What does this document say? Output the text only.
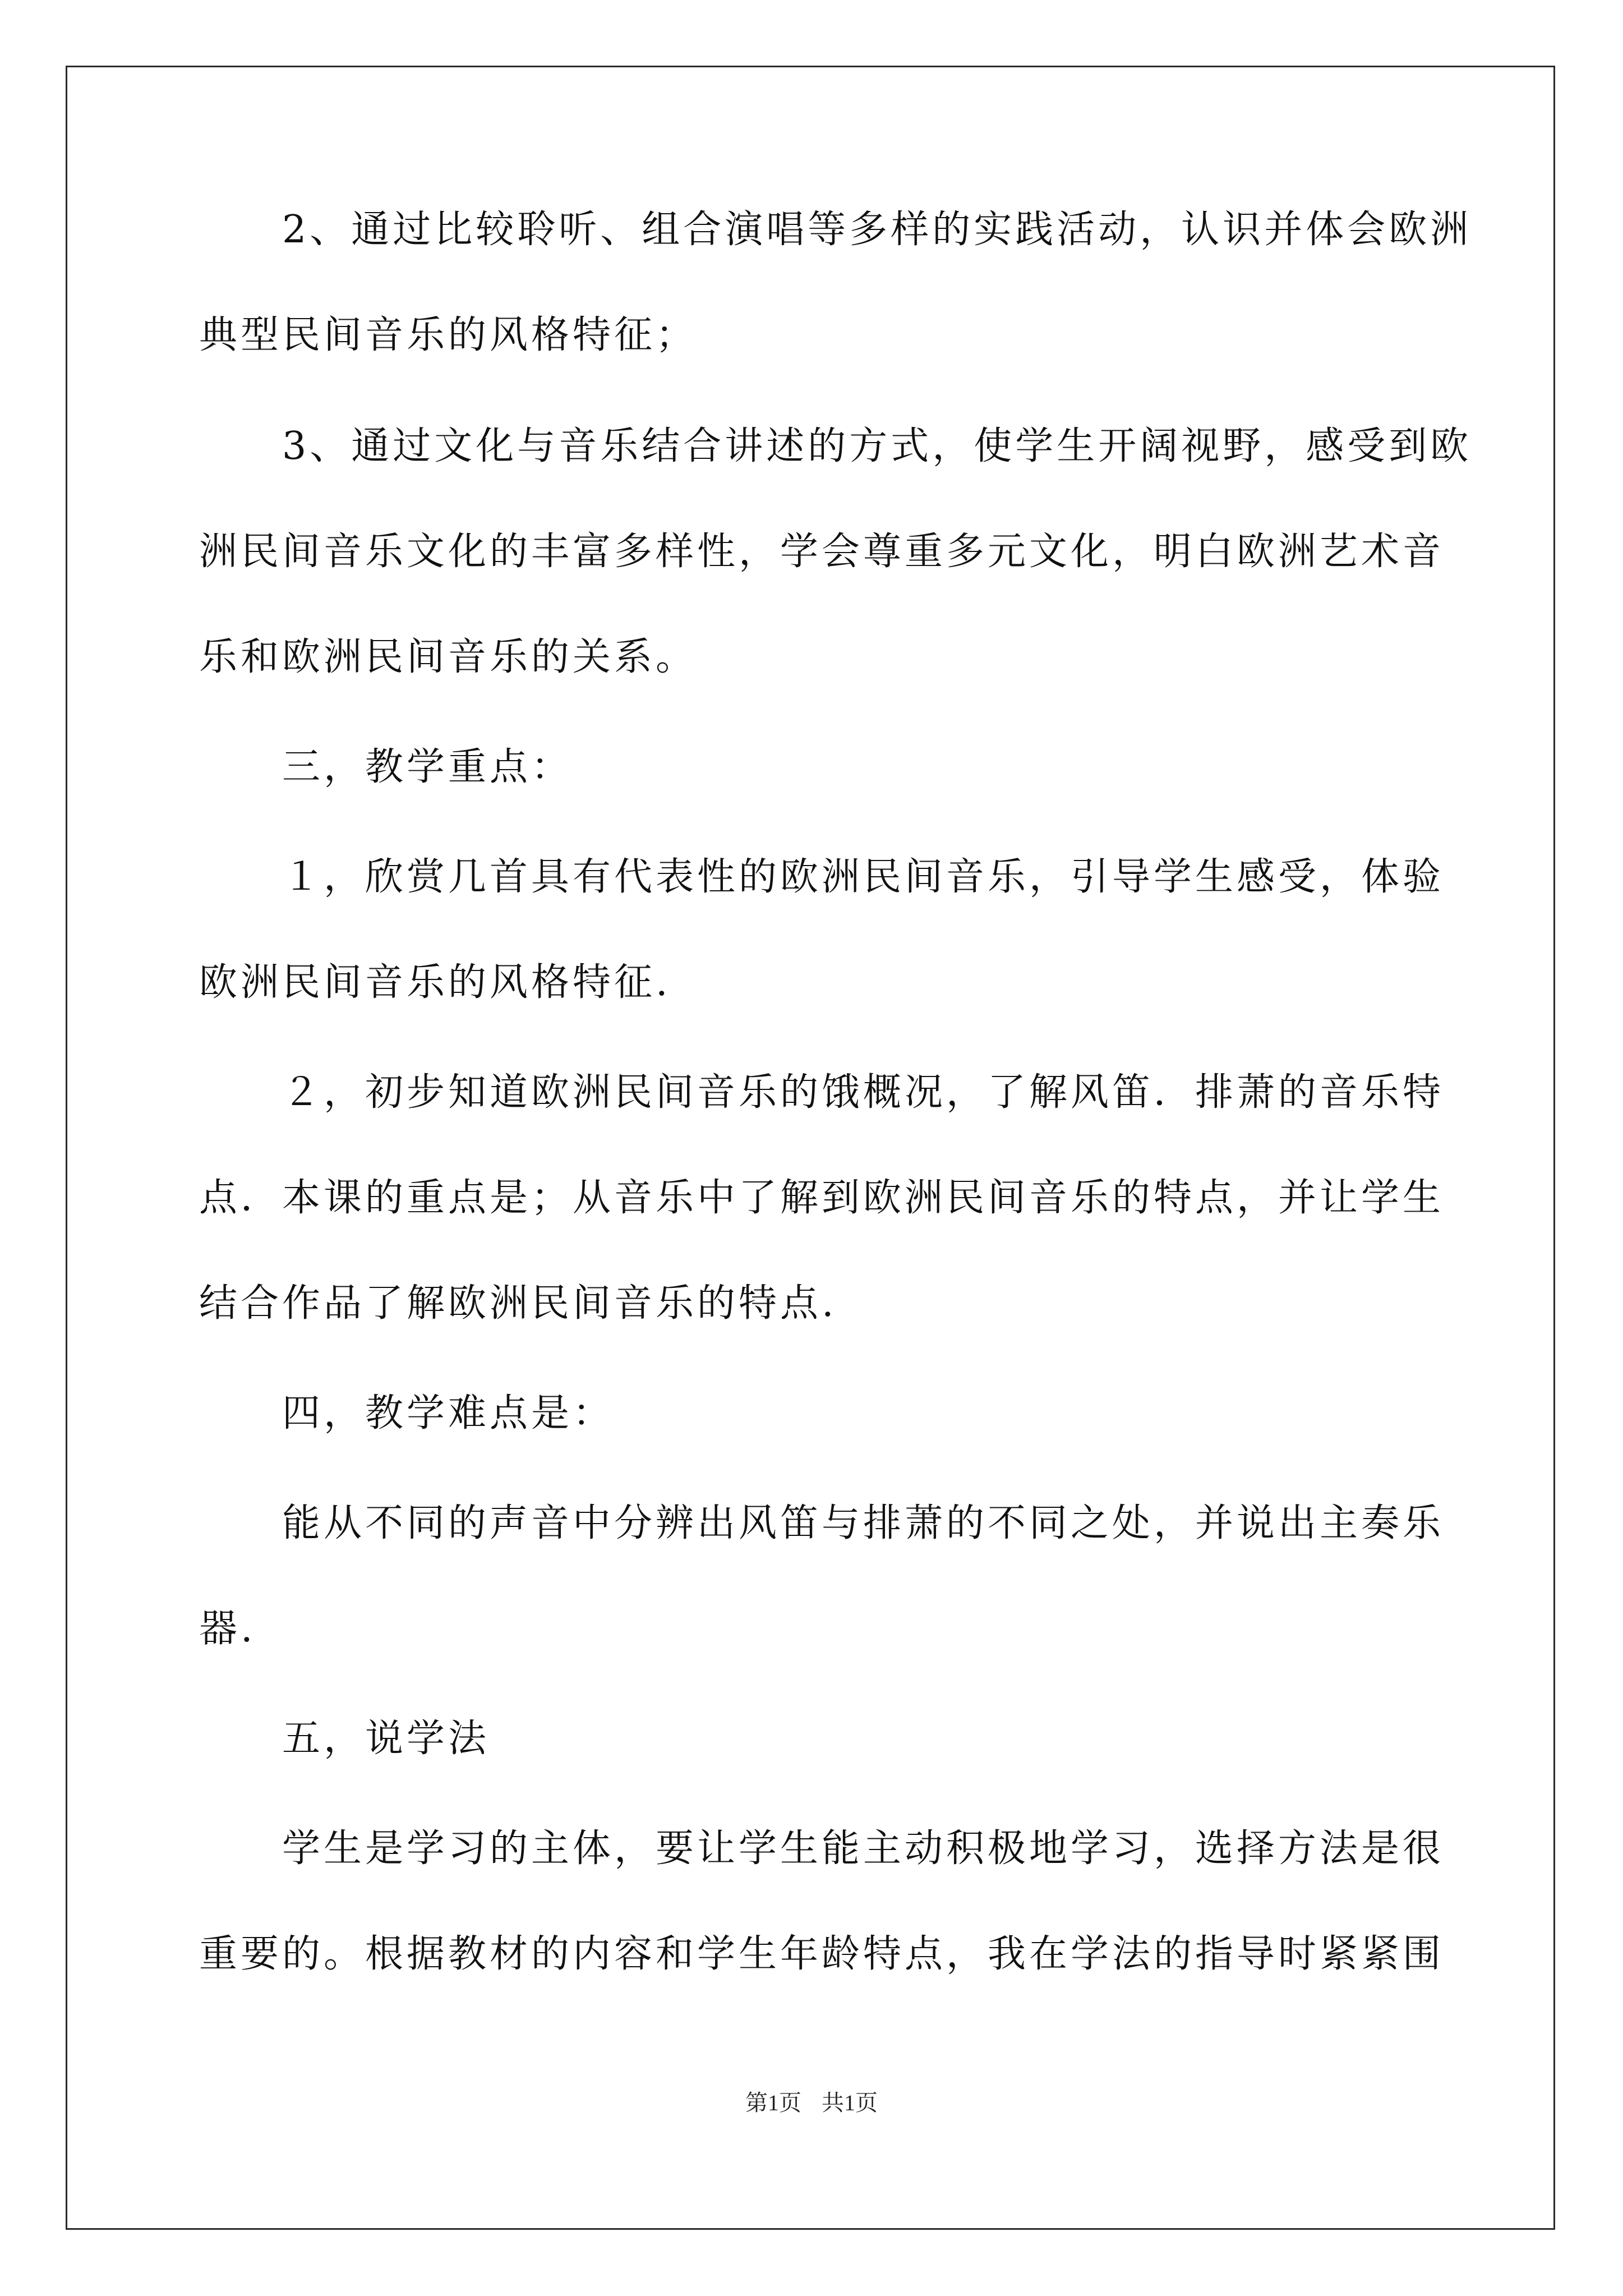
2、通过比较聆听、组合演唱等多样的实践活动，认识并体会欧洲
典型民间音乐的风格特征；
3、通过文化与音乐结合讲述的方式，使学生开阔视野，感受到欧
洲民间音乐文化的丰富多样性，学会尊重多元文化，明白欧洲艺术音
乐和欧洲民间音乐的关系。
三，教学重点：
１，欣赏几首具有代表性的欧洲民间音乐，引导学生感受，体验
欧洲民间音乐的风格特征.
２，初步知道欧洲民间音乐的饿概况，了解风笛．排萧的音乐特
点．本课的重点是；从音乐中了解到欧洲民间音乐的特点，并让学生
结合作品了解欧洲民间音乐的特点.
四，教学难点是：
能从不同的声音中分辨出风笛与排萧的不同之处，并说出主奏乐
器.
五，说学法
学生是学习的主体，要让学生能主动积极地学习，选择方法是很
重要的。根据教材的内容和学生年龄特点，我在学法的指导时紧紧围
第1页 共1页
